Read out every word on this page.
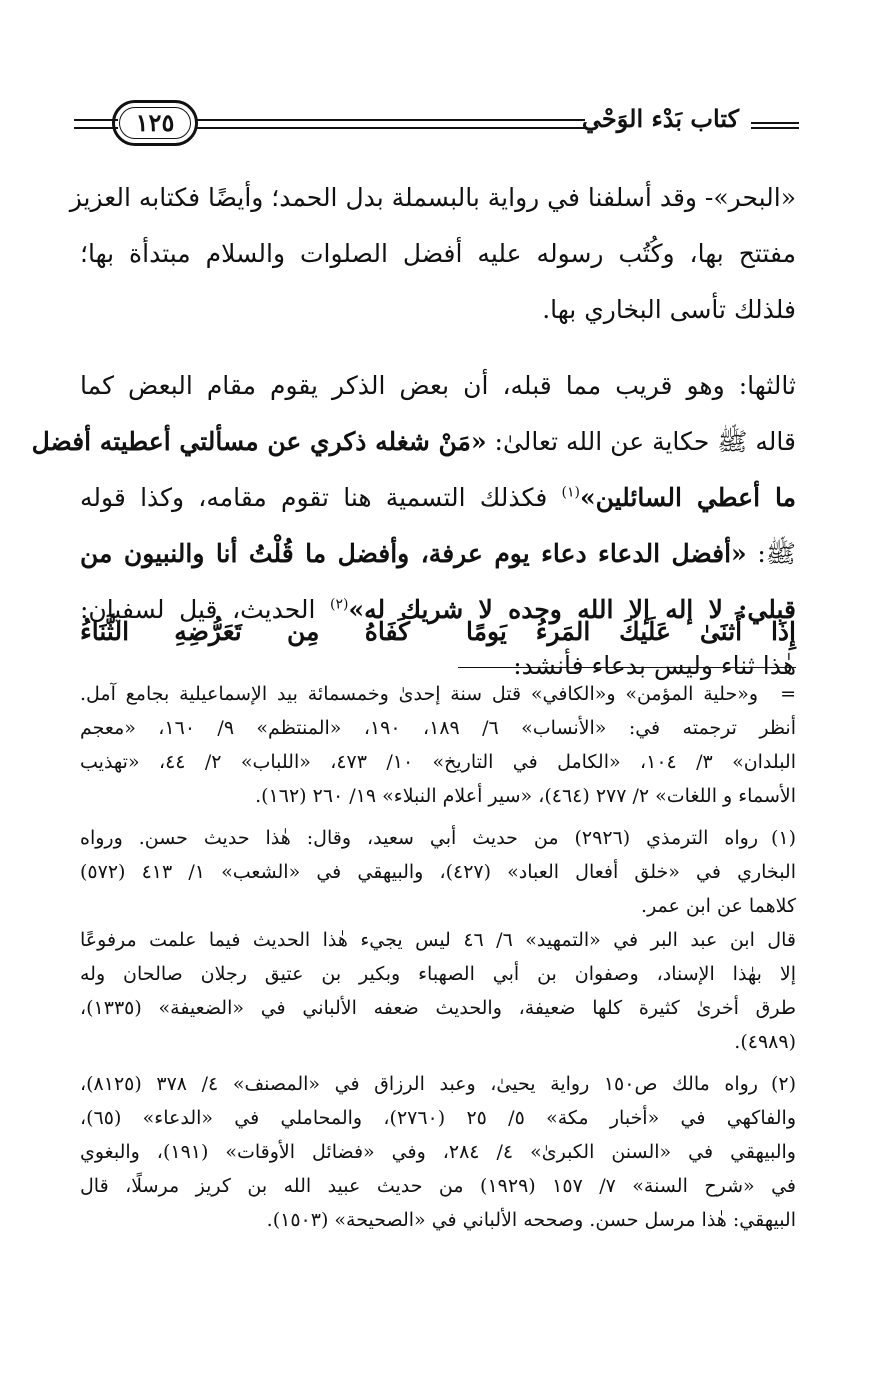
كتاب بَدْء الوَحْي
١٢٥
«البحر»- وقد أسلفنا في رواية بالبسملة بدل الحمد؛ وأيضًا فكتابه العزيز
مفتتح بها، وكُتُب رسوله عليه أفضل الصلوات والسلام مبتدأة بها؛
فلذلك تأسى البخاري بها.
ثالثها: وهو قريب مما قبله، أن بعض الذكر يقوم مقام البعض كما
قاله ﷺ حكاية عن الله تعالىٰ: «مَنْ شغله ذكري عن مسألتي أعطيته أفضل
ما أعطي السائلين»$^{(١)}$ فكذلك التسمية هنا تقوم مقامه، وكذا قوله
ﷺ: «أفضل الدعاء دعاء يوم عرفة، وأفضل ما قُلْتُ أنا والنبيون من
قبلي: لا إله إلا الله وحده لا شريك له»$^{(٢)}$ الحديث، قيل لسفيان:
هٰذا ثناء وليس بدعاء فأنشد:
إِذَا أَثنَىٰ عَلَيكَ المَرءُ يَومًا
كَفَاهُ مِن تَعَرُّضِهِ الثَّنَاءُ
=
و«حلية المؤمن» و«الكافي» قتل سنة إحدىٰ وخمسمائة بيد الإسماعيلية بجامع آمل.
أنظر ترجمته في: «الأنساب» ٦/ ١٨٩، ١٩٠، «المنتظم» ٩/ ١٦٠، «معجم
البلدان» ٣/ ١٠٤، «الكامل في التاريخ» ١٠/ ٤٧٣، «اللباب» ٢/ ٤٤، «تهذيب
الأسماء و اللغات» ٢/ ٢٧٧ (٤٦٤)، «سير أعلام النبلاء» ١٩/ ٢٦٠ (١٦٢).
(١)
رواه الترمذي (٢٩٢٦) من حديث أبي سعيد، وقال: هٰذا حديث حسن. ورواه
البخاري في «خلق أفعال العباد» (٤٢٧)، والبيهقي في «الشعب» ١/ ٤١٣ (٥٧٢)
كلاهما عن ابن عمر.
قال ابن عبد البر في «التمهيد» ٦/ ٤٦ ليس يجيء هٰذا الحديث فيما علمت مرفوعًا
إلا بهٰذا الإسناد، وصفوان بن أبي الصهباء وبكير بن عتيق رجلان صالحان وله
طرق أخرىٰ كثيرة كلها ضعيفة، والحديث ضعفه الألباني في «الضعيفة» (١٣٣٥)،
(٤٩٨٩).
(٢)
رواه مالك ص١٥٠ رواية يحيىٰ، وعبد الرزاق في «المصنف» ٤/ ٣٧٨ (٨١٢٥)،
والفاكهي في «أخبار مكة» ٥/ ٢٥ (٢٧٦٠)، والمحاملي في «الدعاء» (٦٥)،
والبيهقي في «السنن الكبرىٰ» ٤/ ٢٨٤، وفي «فضائل الأوقات» (١٩١)، والبغوي
في «شرح السنة» ٧/ ١٥٧ (١٩٢٩) من حديث عبيد الله بن كريز مرسلًا، قال
البيهقي: هٰذا مرسل حسن. وصححه الألباني في «الصحيحة» (١٥٠٣).
